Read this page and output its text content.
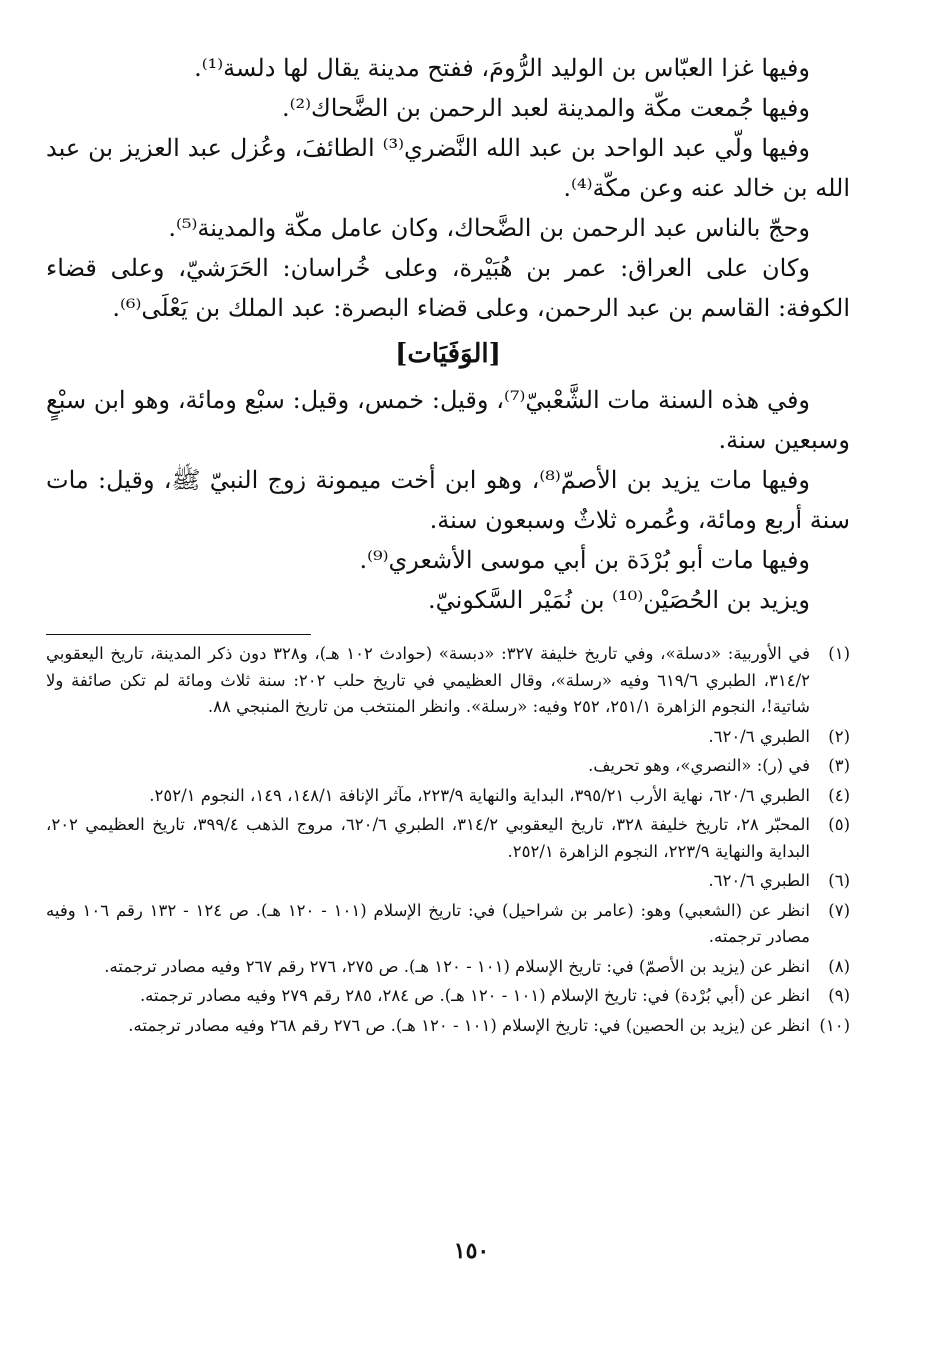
وفيها غزا العبّاس بن الوليد الرُّومَ، ففتح مدينة يقال لها دلسة⁽¹⁾.

وفيها جُمعت مكّة والمدينة لعبد الرحمن بن الضَّحاك⁽²⁾.

وفيها ولّي عبد الواحد بن عبد الله النَّضري⁽³⁾ الطائفَ، وعُزل عبد العزيز بن عبد الله بن خالد عنه وعن مكّة⁽⁴⁾.

وحجّ بالناس عبد الرحمن بن الضَّحاك، وكان عامل مكّة والمدينة⁽⁵⁾.

وكان على العراق: عمر بن هُبَيْرة، وعلى خُراسان: الحَرَشيّ، وعلى قضاء الكوفة: القاسم بن عبد الرحمن، وعلى قضاء البصرة: عبد الملك بن يَعْلَى⁽⁶⁾.

[الوَفَيَات]

وفي هذه السنة مات الشَّعْبيّ⁽⁷⁾، وقيل: خمس، وقيل: سبْع ومائة، وهو ابن سبْعٍ وسبعين سنة.

وفيها مات يزيد بن الأصمّ⁽⁸⁾، وهو ابن أخت ميمونة زوج النبيّ ﷺ، وقيل: مات سنة أربع ومائة، وعُمره ثلاثٌ وسبعون سنة.

وفيها مات أبو بُرْدَة بن أبي موسى الأشعري⁽⁹⁾.

ويزيد بن الحُصَيْن⁽¹⁰⁾ بن نُمَيْر السَّكونيّ.

(١)
في الأوربية: «دسلة»، وفي تاريخ خليفة ٣٢٧: «دبسة» (حوادث ١٠٢ هـ)، و٣٢٨ دون ذكر المدينة، تاريخ اليعقوبي ٣١٤/٢، الطبري ٦١٩/٦ وفيه «رسلة»، وقال العظيمي في تاريخ حلب ٢٠٢: سنة ثلاث ومائة لم تكن صائفة ولا شاتية!، النجوم الزاهرة ٢٥١/١، ٢٥٢ وفيه: «رسلة». وانظر المنتخب من تاريخ المنبجي ٨٨.
(٢)
الطبري ٦٢٠/٦.
(٣)
في (ر): «النصري»، وهو تحريف.
(٤)
الطبري ٦٢٠/٦، نهاية الأرب ٣٩٥/٢١، البداية والنهاية ٢٢٣/٩، مآثر الإنافة ١٤٨/١، ١٤٩، النجوم ٢٥٢/١.
(٥)
المحبّر ٢٨، تاريخ خليفة ٣٢٨، تاريخ اليعقوبي ٣١٤/٢، الطبري ٦٢٠/٦، مروج الذهب ٣٩٩/٤، تاريخ العظيمي ٢٠٢، البداية والنهاية ٢٢٣/٩، النجوم الزاهرة ٢٥٢/١.
(٦)
الطبري ٦٢٠/٦.
(٧)
انظر عن (الشعبي) وهو: (عامر بن شراحيل) في: تاريخ الإسلام (١٠١ - ١٢٠ هـ). ص ١٢٤ - ١٣٢ رقم ١٠٦ وفيه مصادر ترجمته.
(٨)
انظر عن (يزيد بن الأصمّ) في: تاريخ الإسلام (١٠١ - ١٢٠ هـ). ص ٢٧٥، ٢٧٦ رقم ٢٦٧ وفيه مصادر ترجمته.
(٩)
انظر عن (أبي بُرْدة) في: تاريخ الإسلام (١٠١ - ١٢٠ هـ). ص ٢٨٤، ٢٨٥ رقم ٢٧٩ وفيه مصادر ترجمته.
(١٠)
انظر عن (يزيد بن الحصين) في: تاريخ الإسلام (١٠١ - ١٢٠ هـ). ص ٢٧٦ رقم ٢٦٨ وفيه مصادر ترجمته.
١٥٠
